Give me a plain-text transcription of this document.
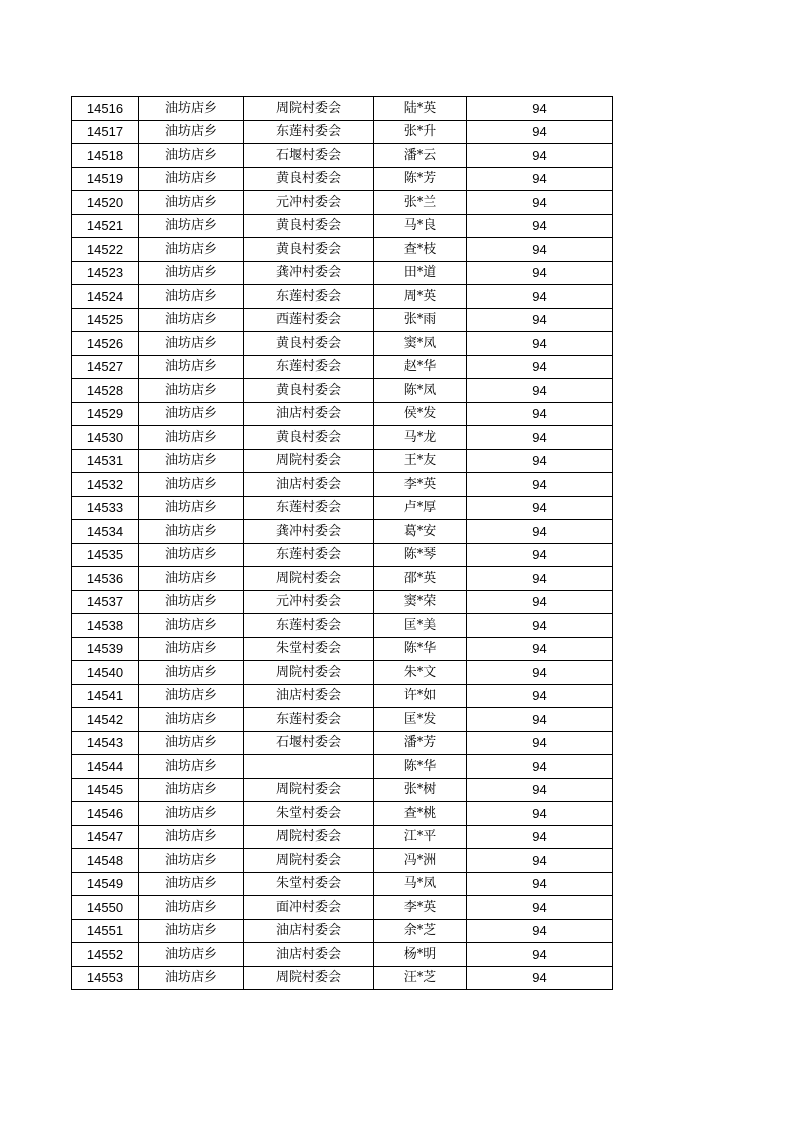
14516	油坊店乡	周院村委会	陆*英	94
14517	油坊店乡	东莲村委会	张*升	94
14518	油坊店乡	石堰村委会	潘*云	94
14519	油坊店乡	黄良村委会	陈*芳	94
14520	油坊店乡	元冲村委会	张*兰	94
14521	油坊店乡	黄良村委会	马*良	94
14522	油坊店乡	黄良村委会	查*枝	94
14523	油坊店乡	龚冲村委会	田*道	94
14524	油坊店乡	东莲村委会	周*英	94
14525	油坊店乡	西莲村委会	张*雨	94
14526	油坊店乡	黄良村委会	窦*凤	94
14527	油坊店乡	东莲村委会	赵*华	94
14528	油坊店乡	黄良村委会	陈*凤	94
14529	油坊店乡	油店村委会	侯*发	94
14530	油坊店乡	黄良村委会	马*龙	94
14531	油坊店乡	周院村委会	王*友	94
14532	油坊店乡	油店村委会	李*英	94
14533	油坊店乡	东莲村委会	卢*厚	94
14534	油坊店乡	龚冲村委会	葛*安	94
14535	油坊店乡	东莲村委会	陈*琴	94
14536	油坊店乡	周院村委会	邵*英	94
14537	油坊店乡	元冲村委会	窦*荣	94
14538	油坊店乡	东莲村委会	匡*美	94
14539	油坊店乡	朱堂村委会	陈*华	94
14540	油坊店乡	周院村委会	朱*文	94
14541	油坊店乡	油店村委会	许*如	94
14542	油坊店乡	东莲村委会	匡*发	94
14543	油坊店乡	石堰村委会	潘*芳	94
14544	油坊店乡		陈*华	94
14545	油坊店乡	周院村委会	张*树	94
14546	油坊店乡	朱堂村委会	查*桃	94
14547	油坊店乡	周院村委会	江*平	94
14548	油坊店乡	周院村委会	冯*洲	94
14549	油坊店乡	朱堂村委会	马*凤	94
14550	油坊店乡	面冲村委会	李*英	94
14551	油坊店乡	油店村委会	余*芝	94
14552	油坊店乡	油店村委会	杨*明	94
14553	油坊店乡	周院村委会	汪*芝	94
